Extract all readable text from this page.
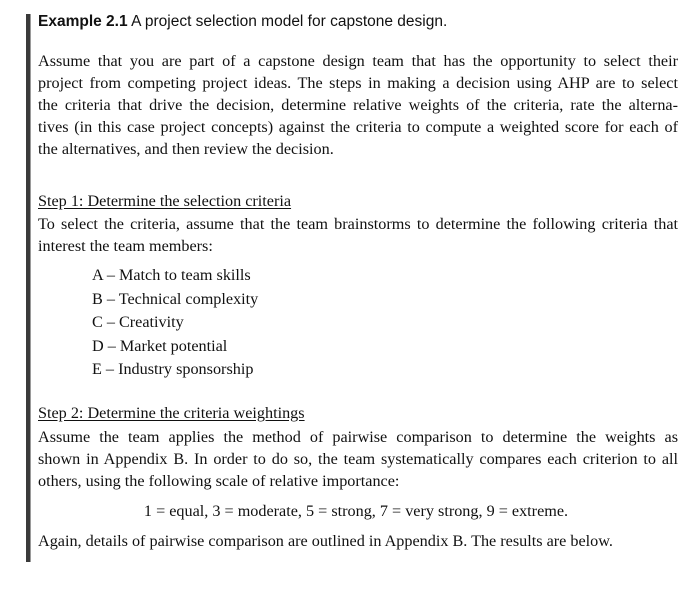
Example 2.1 A project selection model for capstone design.
Assume that you are part of a capstone design team that has the opportunity to select their
project from competing project ideas. The steps in making a decision using AHP are to select
the criteria that drive the decision, determine relative weights of the criteria, rate the alterna-
tives (in this case project concepts) against the criteria to compute a weighted score for each of
the alternatives, and then review the decision.
Step 1: Determine the selection criteria
To select the criteria, assume that the team brainstorms to determine the following criteria that
interest the team members:
A – Match to team skills
B – Technical complexity
C – Creativity
D – Market potential
E – Industry sponsorship
Step 2: Determine the criteria weightings
Assume the team applies the method of pairwise comparison to determine the weights as
shown in Appendix B. In order to do so, the team systematically compares each criterion to all
others, using the following scale of relative importance:
1 = equal, 3 = moderate, 5 = strong, 7 = very strong, 9 = extreme.
Again, details of pairwise comparison are outlined in Appendix B. The results are below.
